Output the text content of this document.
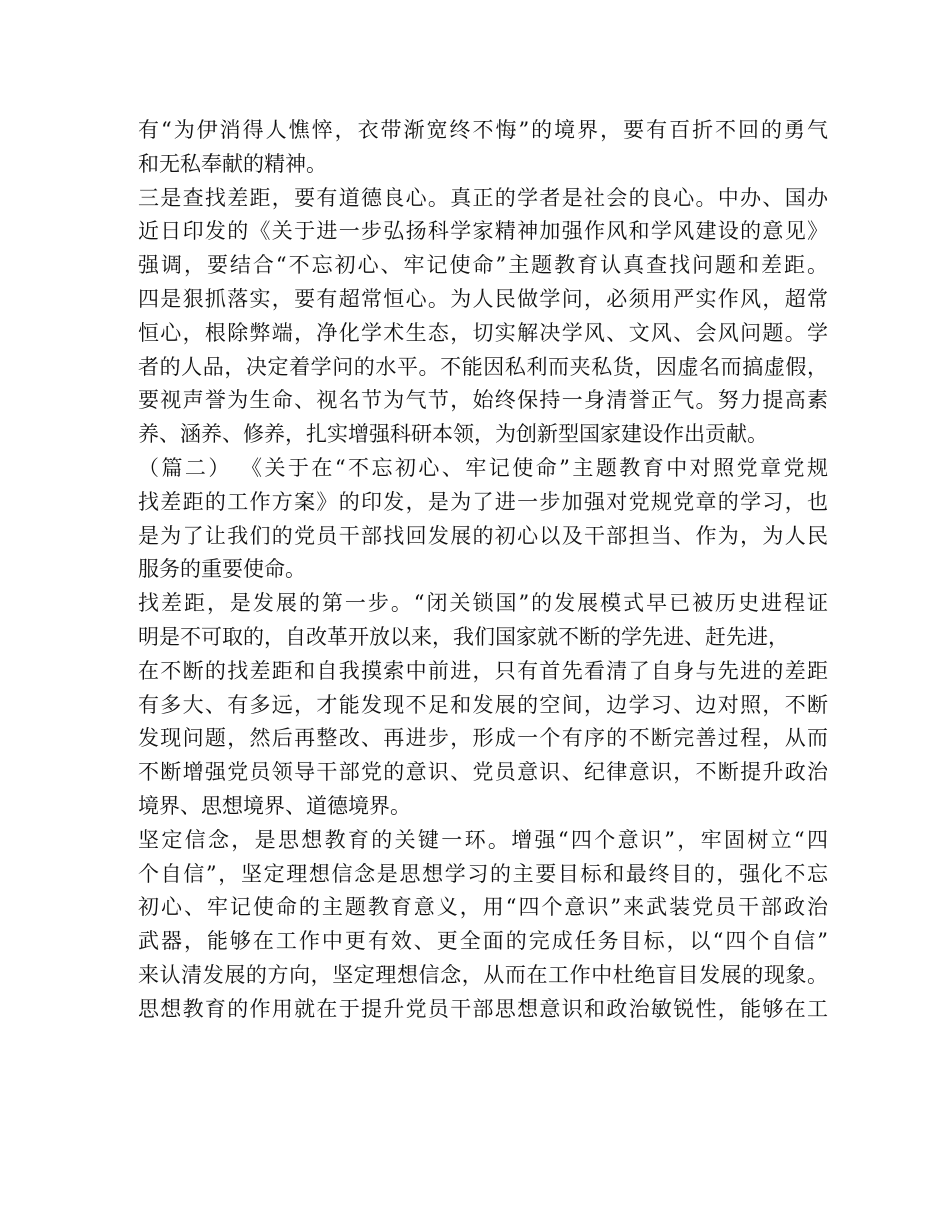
有“为伊消得人憔悴，衣带渐宽终不悔”的境界，要有百折不回的勇气
和无私奉献的精神。
三是查找差距，要有道德良心。真正的学者是社会的良心。中办、国办
近日印发的《关于进一步弘扬科学家精神加强作风和学风建设的意见》
强调，要结合“不忘初心、牢记使命”主题教育认真查找问题和差距。
四是狠抓落实，要有超常恒心。为人民做学问，必须用严实作风，超常
恒心，根除弊端，净化学术生态，切实解决学风、文风、会风问题。学
者的人品，决定着学问的水平。不能因私利而夹私货，因虚名而搞虚假，
要视声誉为生命、视名节为气节，始终保持一身清誉正气。努力提高素
养、涵养、修养，扎实增强科研本领，为创新型国家建设作出贡献。
（篇二） 《关于在“不忘初心、牢记使命”主题教育中对照党章党规
找差距的工作方案》的印发，是为了进一步加强对党规党章的学习，也
是为了让我们的党员干部找回发展的初心以及干部担当、作为，为人民
服务的重要使命。
找差距，是发展的第一步。“闭关锁国”的发展模式早已被历史进程证
明是不可取的，自改革开放以来，我们国家就不断的学先进、赶先进，
在不断的找差距和自我摸索中前进，只有首先看清了自身与先进的差距
有多大、有多远，才能发现不足和发展的空间，边学习、边对照，不断
发现问题，然后再整改、再进步，形成一个有序的不断完善过程，从而
不断增强党员领导干部党的意识、党员意识、纪律意识，不断提升政治
境界、思想境界、道德境界。
坚定信念，是思想教育的关键一环。增强“四个意识”，牢固树立“四
个自信”，坚定理想信念是思想学习的主要目标和最终目的，强化不忘
初心、牢记使命的主题教育意义，用“四个意识”来武装党员干部政治
武器，能够在工作中更有效、更全面的完成任务目标，以“四个自信”
来认清发展的方向，坚定理想信念，从而在工作中杜绝盲目发展的现象。
思想教育的作用就在于提升党员干部思想意识和政治敏锐性，能够在工
